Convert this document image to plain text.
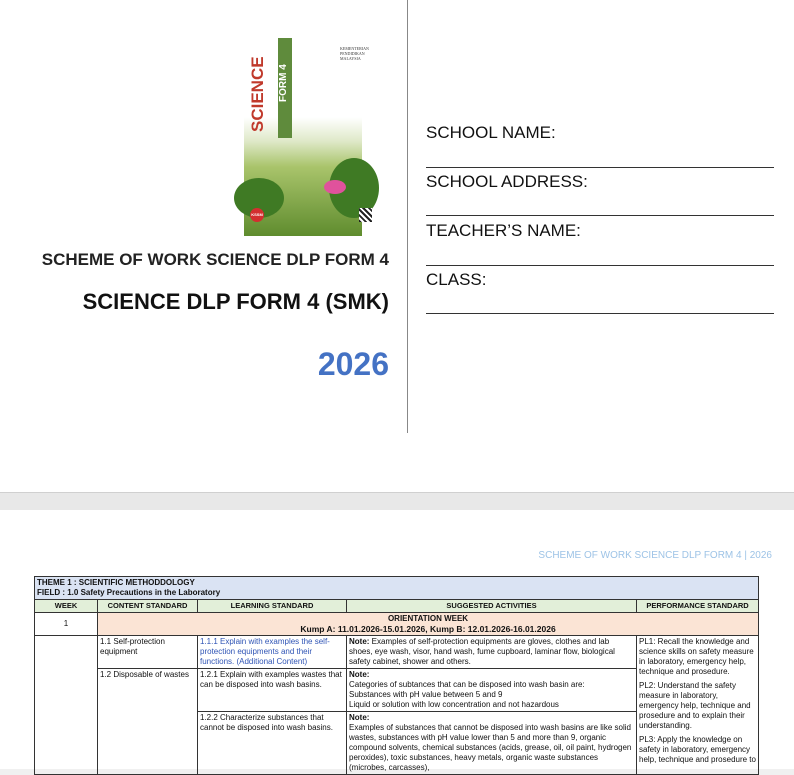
SCIENCE FORM 4
KEMENTERIAN PENDIDIKAN MALAYSIA
KSSM
SCHEME OF WORK SCIENCE DLP FORM 4
SCIENCE DLP FORM 4 (SMK)
2026
SCHOOL NAME:
SCHOOL ADDRESS:
TEACHER’S NAME:
CLASS:
SCHEME OF WORK SCIENCE DLP FORM 4 | 2026
THEME 1 : SCIENTIFIC METHODDOLOGY
FIELD : 1.0 Safety Precautions in the Laboratory				

WEEK	CONTENT STANDARD	LEARNING STANDARD	SUGGESTED ACTIVITIES	PERFORMANCE STANDARD
1	ORIENTATION WEEK
Kump A: 11.01.2026-15.01.2026, Kump B: 12.01.2026-16.01.2026			

	1.1 Self-protection equipment	1.1.1 Explain with examples the self-protection equipments and their functions. (Additional Content)	Note: Examples of self-protection equipments are gloves, clothes and lab shoes, eye wash, visor, hand wash, fume cupboard, laminar flow, biological safety cabinet, shower and others.	PL1: Recall the knowledge and science skills on safety measure in laboratory, emergency help, technique and prosedure.
PL2: Understand the safety measure in laboratory, emergency help, technique and prosedure and to explain their understanding.
PL3: Apply the knowledge on safety in laboratory, emergency help, technique and prosedure to

	1.2 Disposable of wastes	1.2.1 Explain with examples wastes that can be disposed into wash basins.	Note:
Categories of subtances that can be disposed into wash basin are:
Substances with pH value between 5 and 9
Liquid or solution with low concentration and not hazardous	

		1.2.2 Characterize substances that cannot be disposed into wash basins.	Note:
Examples of substances that cannot be disposed into wash basins are like solid wastes, substances with pH value lower than 5 and more than 9, organic compound solvents, chemical substances (acids, grease, oil, oil paint, hydrogen peroxides), toxic substances, heavy metals, organic waste substances (microbes, carcasses),	
